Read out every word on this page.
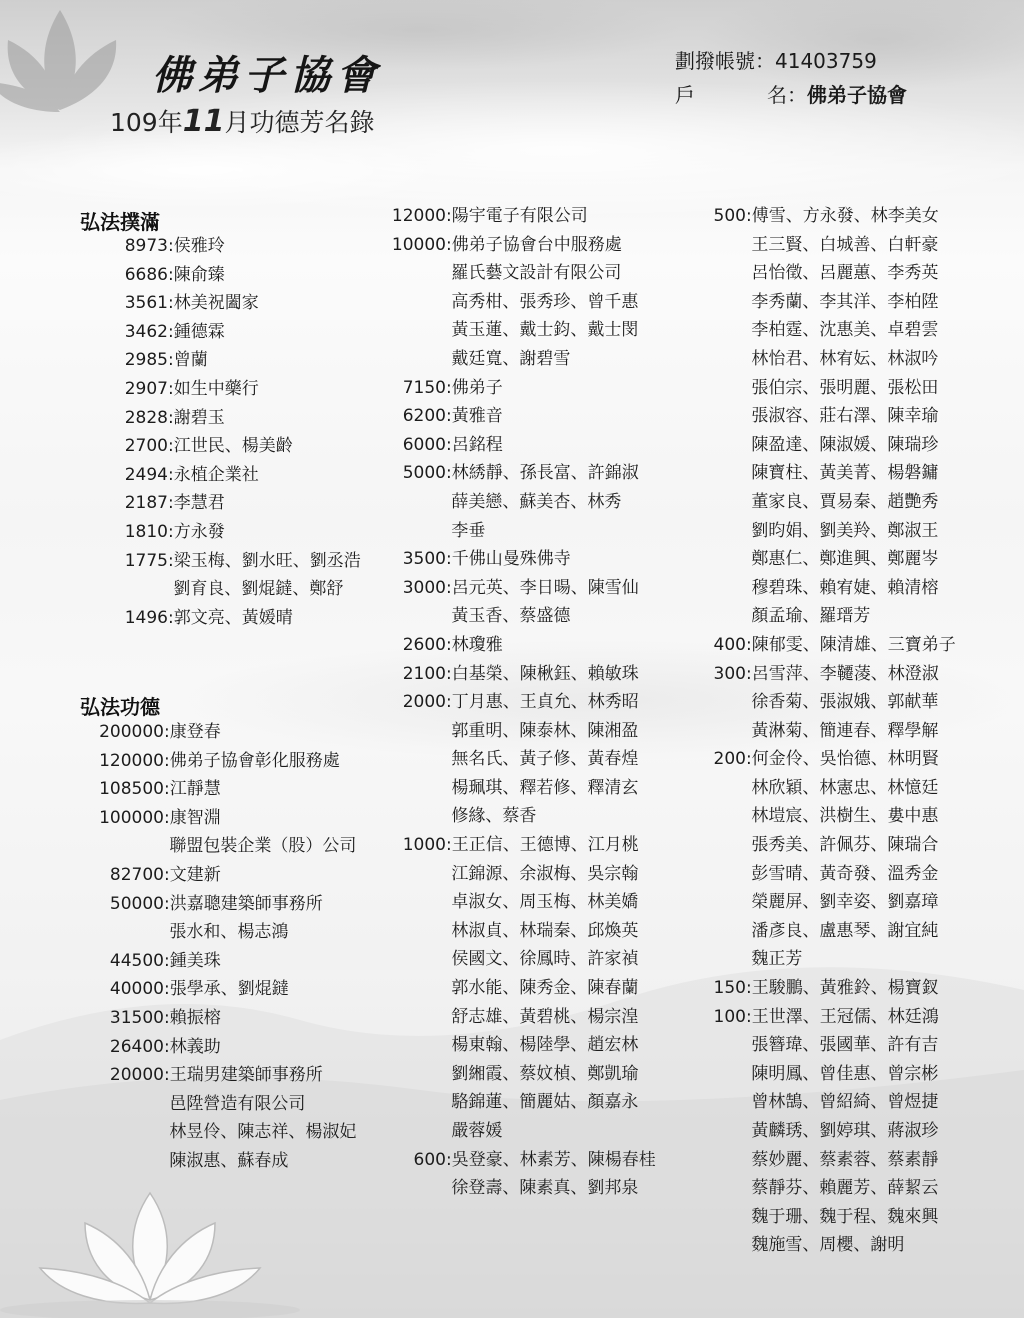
佛弟子協會
109年11月功德芳名錄
劃撥帳號 ： 41403759
戶	名 ： 佛弟子協會
弘法撲滿
弘法功德
8973 : 侯雅玲
6686 : 陳俞臻
3561 : 林美祝闔家
3462 : 鍾德霖
2985 : 曾蘭
2907 : 如生中藥行
2828 : 謝碧玉
2700 : 江世民、楊美齡
2494 : 永植企業社
2187 : 李慧君
1810 : 方永發
1775 : 梁玉梅、劉水旺、劉丞浩

劉育良、劉焜鐽、鄭舒
1496 : 郭文亮、黃媛晴
200000 : 康登春
120000 : 佛弟子協會彰化服務處
108500 : 江靜慧
100000 : 康智淵

聯盟包裝企業（股）公司
82700 : 文建新
50000 : 洪嘉聰建築師事務所

張水和、楊志鴻
44500 : 鍾美珠
40000 : 張學承、劉焜鐽
31500 : 賴振榕
26400 : 林義助
20000 : 王瑞男建築師事務所

邑陞營造有限公司

林昱伶、陳志祥、楊淑妃

陳淑惠、蘇春成
12000 : 陽宇電子有限公司
10000 : 佛弟子協會台中服務處

羅氏藝文設計有限公司

高秀柑、張秀珍、曾千惠

黃玉蓮、戴士鈞、戴士閔

戴廷寬、謝碧雪
7150 : 佛弟子
6200 : 黃雅音
6000 : 呂銘程
5000 : 林綉靜、孫長富、許錦淑

薛美戀、蘇美杏、林秀

李垂
3500 : 千佛山曼殊佛寺
3000 : 呂元英、李日暘、陳雪仙

黃玉香、蔡盛德
2600 : 林瓊雅
2100 : 白基榮、陳楸鈺、賴敏珠
2000 : 丁月惠、王貞允、林秀昭

郭重明、陳泰林、陳湘盈

無名氏、黃子修、黃春煌

楊珮琪、釋若修、釋清玄

修緣、蔡香
1000 : 王正信、王德博、江月桃

江錦源、余淑梅、吳宗翰

卓淑女、周玉梅、林美嬌

林淑貞、林瑞秦、邱煥英

侯國文、徐鳳時、許家禎

郭水能、陳秀金、陳春蘭

舒志雄、黃碧桃、楊宗湟

楊東翰、楊陸學、趙宏林

劉緗霞、蔡妏楨、鄭凱瑜

駱錦蓮、簡麗姑、顏嘉永

嚴蓉媛
600 : 吳登豪、林素芳、陳楊春桂

徐登壽、陳素真、劉邦泉
500 : 傅雪、方永發、林李美女

王三賢、白城善、白軒豪

呂怡徵、呂麗蕙、李秀英

李秀蘭、李其洋、李柏陞

李柏霆、沈惠美、卓碧雲

林怡君、林宥妘、林淑吟

張伯宗、張明麗、張松田

張淑容、莊右澤、陳幸瑜

陳盈達、陳淑媛、陳瑞珍

陳寶柱、黃美菁、楊磐鏞

董家良、賈易秦、趙艷秀

劉昀娟、劉美羚、鄭淑王

鄭惠仁、鄭進興、鄭麗岑

穆碧珠、賴宥婕、賴清榕

顏孟瑜、羅瑨芳
400 : 陳郁雯、陳清雄、三寶弟子
300 : 呂雪萍、李韆蓤、林澄淑

徐香菊、張淑娥、郭献華

黃淋菊、簡連春、釋學解
200 : 何金伶、吳怡德、林明賢

林欣穎、林憲忠、林憶廷

林塏宸、洪樹生、婁中惠

張秀美、許佩芬、陳瑞合

彭雪晴、黃奇發、溫秀金

榮麗屏、劉幸姿、劉嘉璋

潘彥良、盧惠琴、謝宜純

魏正芳
150 : 王駿鵬、黃雅鈴、楊寶釵
100 : 王世澤、王冠儒、林廷鴻

張簪瑋、張國華、許有吉

陳明鳳、曾佳惠、曾宗彬

曾林鵠、曾紹綺、曾煜捷

黃麟琇、劉婷琪、蔣淑珍

蔡妙麗、蔡素蓉、蔡素靜

蔡靜芬、賴麗芳、薛絜云

魏于珊、魏于程、魏來興

魏施雪、周櫻、謝明
